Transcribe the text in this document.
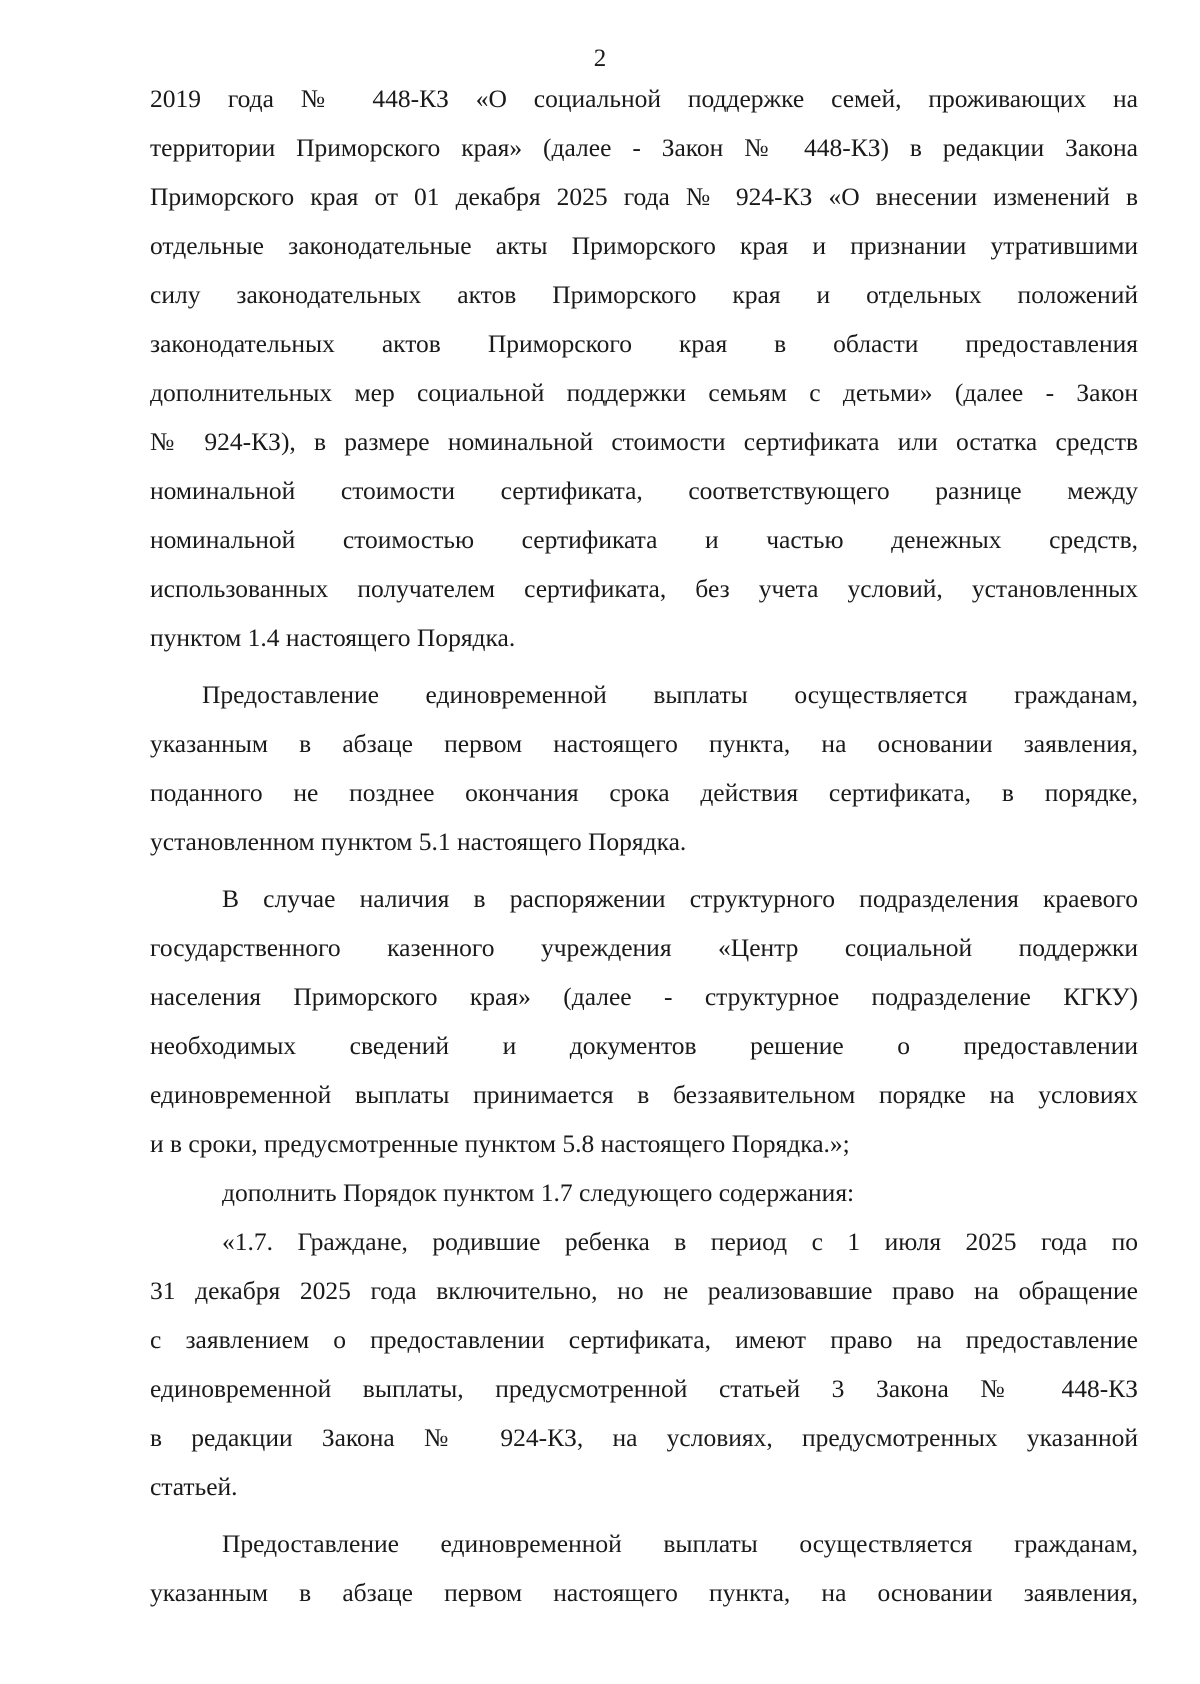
2
2019 года № 448-КЗ «О социальной поддержке семей, проживающих на
территории Приморского края» (далее - Закон № 448-КЗ) в редакции Закона
Приморского края от 01 декабря 2025 года № 924-КЗ «О внесении изменений в
отдельные законодательные акты Приморского края и признании утратившими
силу законодательных актов Приморского края и отдельных положений
законодательных актов Приморского края в области предоставления
дополнительных мер социальной поддержки семьям с детьми» (далее - Закон
№ 924-КЗ), в размере номинальной стоимости сертификата или остатка средств
номинальной стоимости сертификата, соответствующего разнице между
номинальной стоимостью сертификата и частью денежных средств,
использованных получателем сертификата, без учета условий, установленных
пунктом 1.4 настоящего Порядка.
Предоставление единовременной выплаты осуществляется гражданам,
указанным в абзаце первом настоящего пункта, на основании заявления,
поданного не позднее окончания срока действия сертификата, в порядке,
установленном пунктом 5.1 настоящего Порядка.
В случае наличия в распоряжении структурного подразделения краевого
государственного казенного учреждения «Центр социальной поддержки
населения Приморского края» (далее - структурное подразделение КГКУ)
необходимых сведений и документов решение о предоставлении
единовременной выплаты принимается в беззаявительном порядке на условиях
и в сроки, предусмотренные пунктом 5.8 настоящего Порядка.»;
дополнить Порядок пунктом 1.7 следующего содержания:
«1.7. Граждане, родившие ребенка в период с 1 июля 2025 года по
31 декабря 2025 года включительно, но не реализовавшие право на обращение
с заявлением о предоставлении сертификата, имеют право на предоставление
единовременной выплаты, предусмотренной статьей 3 Закона № 448-КЗ
в редакции Закона № 924-КЗ, на условиях, предусмотренных указанной
статьей.
Предоставление единовременной выплаты осуществляется гражданам,
указанным в абзаце первом настоящего пункта, на основании заявления,
